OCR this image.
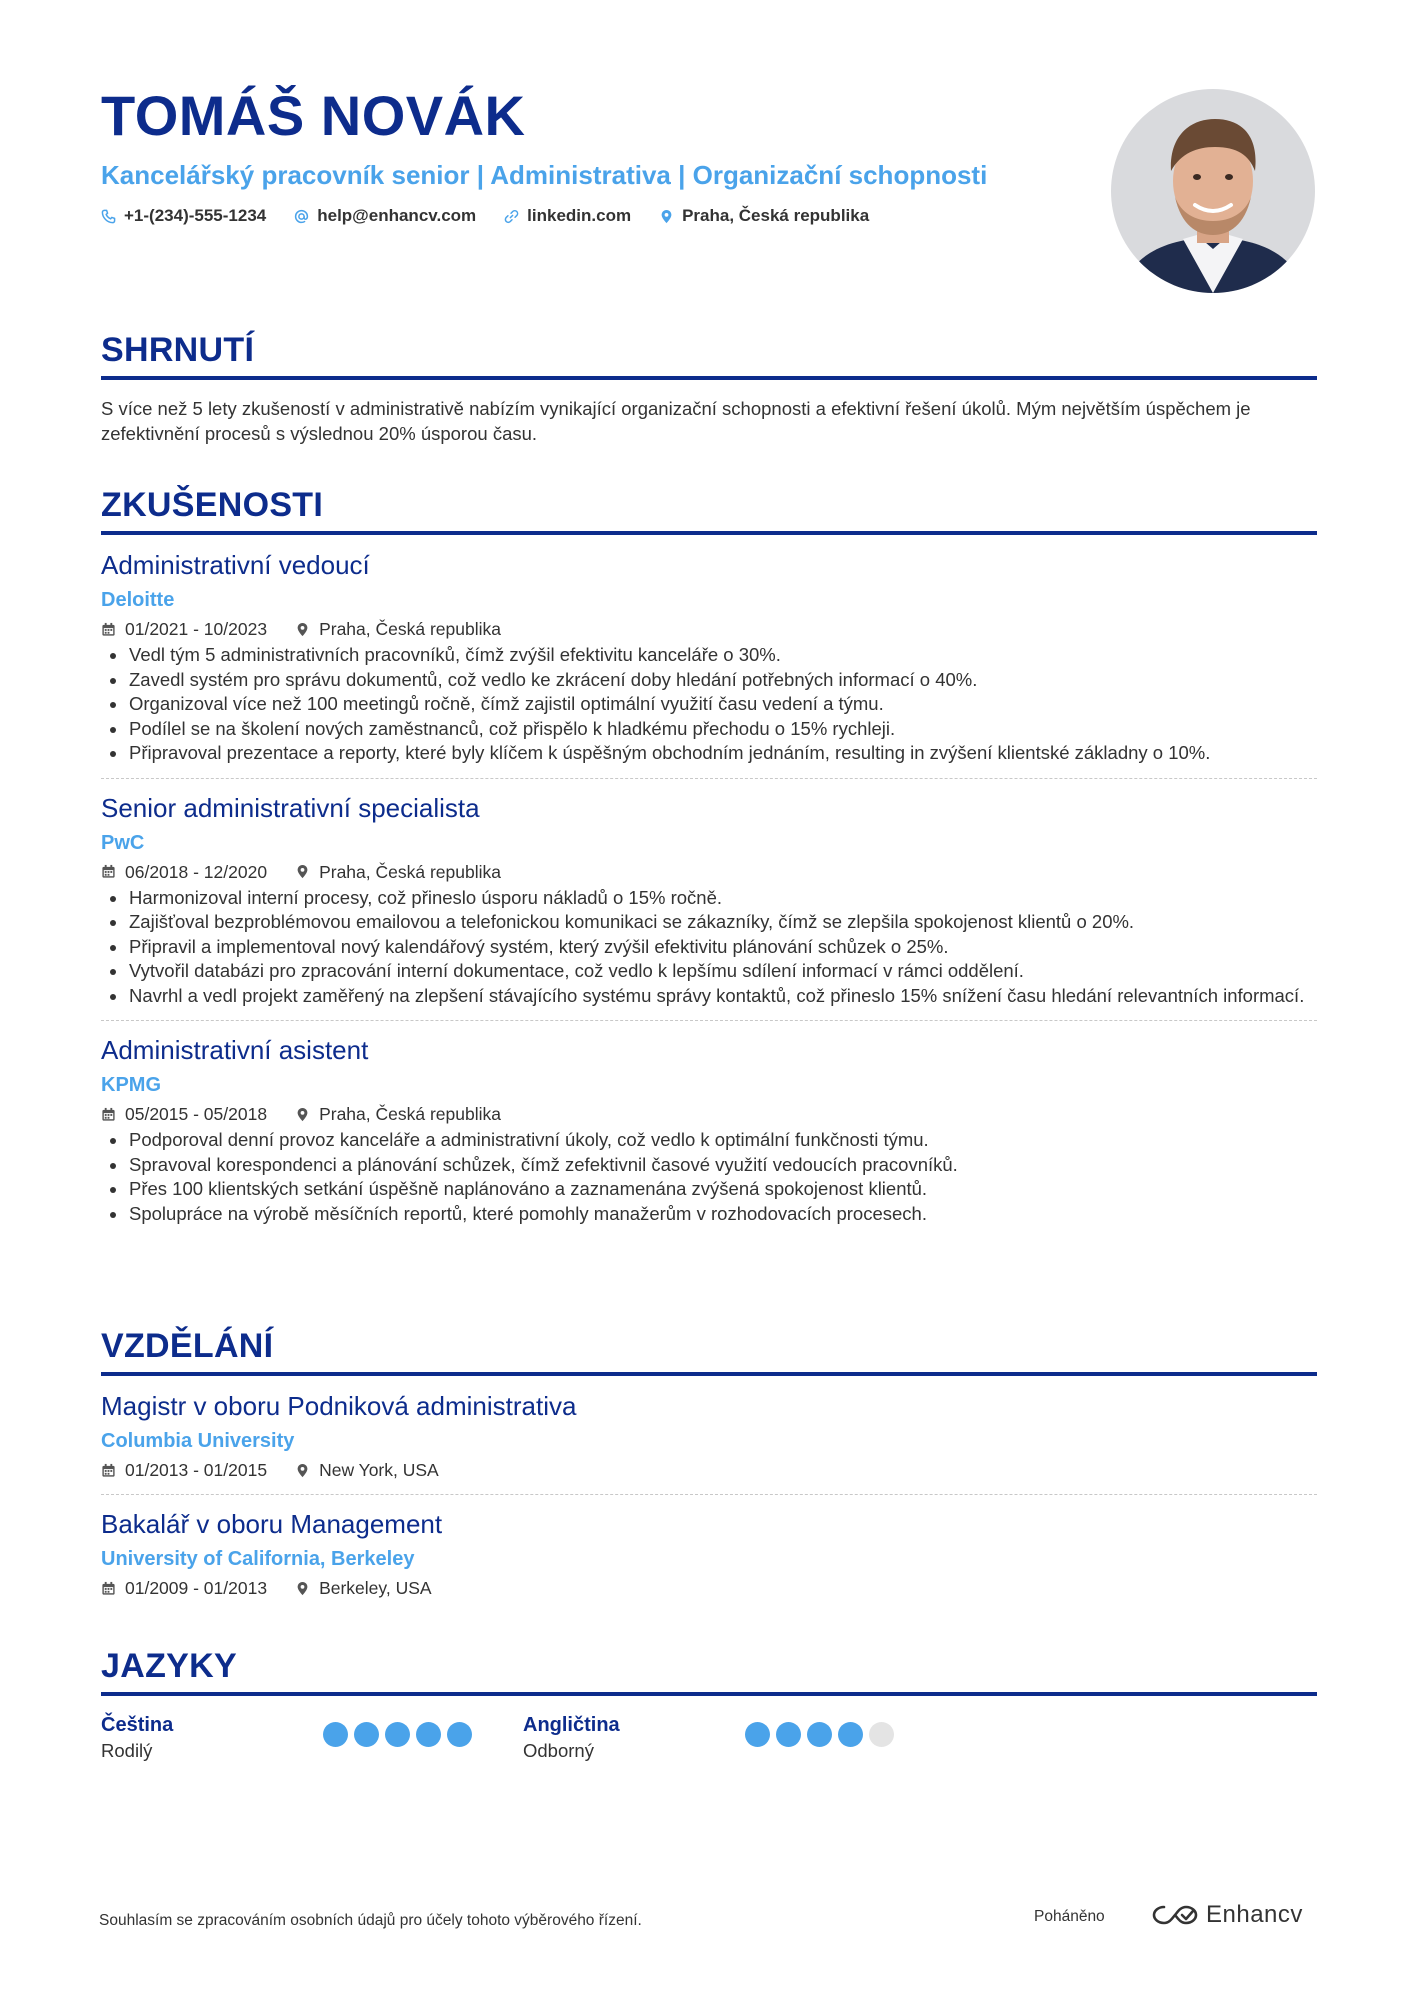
TOMÁŠ NOVÁK
Kancelářský pracovník senior | Administrativa | Organizační schopnosti
+1-(234)-555-1234	help@enhancv.com	linkedin.com	Praha, Česká republika
SHRNUTÍ
S více než 5 lety zkušeností v administrativě nabízím vynikající organizační schopnosti a efektivní řešení úkolů. Mým největším úspěchem je zefektivnění procesů s výslednou 20% úsporou času.
ZKUŠENOSTI
Administrativní vedoucí
Deloitte
01/2021 - 10/2023	Praha, Česká republika
Vedl tým 5 administrativních pracovníků, čímž zvýšil efektivitu kanceláře o 30%.
Zavedl systém pro správu dokumentů, což vedlo ke zkrácení doby hledání potřebných informací o 40%.
Organizoval více než 100 meetingů ročně, čímž zajistil optimální využití času vedení a týmu.
Podílel se na školení nových zaměstnanců, což přispělo k hladkému přechodu o 15% rychleji.
Připravoval prezentace a reporty, které byly klíčem k úspěšným obchodním jednáním, resulting in zvýšení klientské základny o 10%.
Senior administrativní specialista
PwC
06/2018 - 12/2020	Praha, Česká republika
Harmonizoval interní procesy, což přineslo úsporu nákladů o 15% ročně.
Zajišťoval bezproblémovou emailovou a telefonickou komunikaci se zákazníky, čímž se zlepšila spokojenost klientů o 20%.
Připravil a implementoval nový kalendářový systém, který zvýšil efektivitu plánování schůzek o 25%.
Vytvořil databázi pro zpracování interní dokumentace, což vedlo k lepšímu sdílení informací v rámci oddělení.
Navrhl a vedl projekt zaměřený na zlepšení stávajícího systému správy kontaktů, což přineslo 15% snížení času hledání relevantních informací.
Administrativní asistent
KPMG
05/2015 - 05/2018	Praha, Česká republika
Podporoval denní provoz kanceláře a administrativní úkoly, což vedlo k optimální funkčnosti týmu.
Spravoval korespondenci a plánování schůzek, čímž zefektivnil časové využití vedoucích pracovníků.
Přes 100 klientských setkání úspěšně naplánováno a zaznamenána zvýšená spokojenost klientů.
Spolupráce na výrobě měsíčních reportů, které pomohly manažerům v rozhodovacích procesech.
VZDĚLÁNÍ
Magistr v oboru Podniková administrativa
Columbia University
01/2013 - 01/2015	New York, USA
Bakalář v oboru Management
University of California, Berkeley
01/2009 - 01/2013	Berkeley, USA
JAZYKY
Čeština
Rodilý
Angličtina
Odborný
Souhlasím se zpracováním osobních údajů pro účely tohoto výběrového řízení.	Poháněno	Enhancv
